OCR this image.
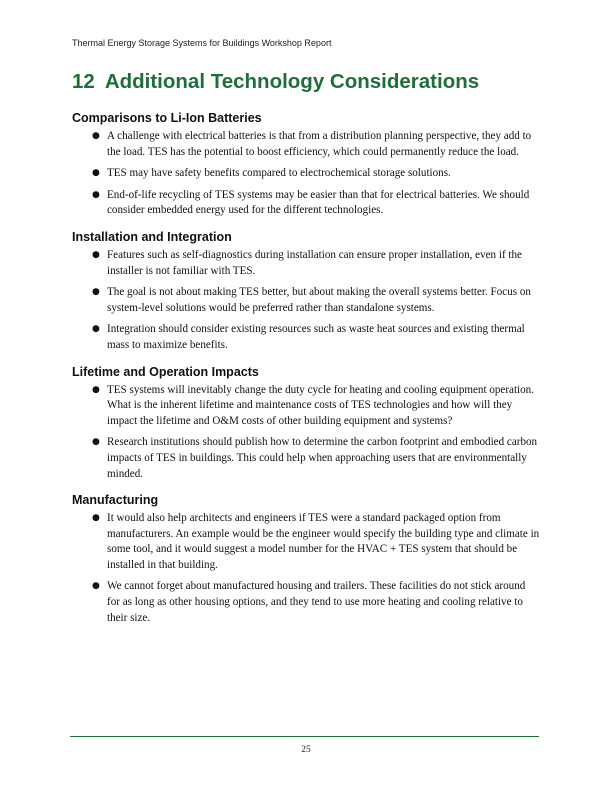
Thermal Energy Storage Systems for Buildings Workshop Report
12 Additional Technology Considerations
Comparisons to Li-Ion Batteries
● A challenge with electrical batteries is that from a distribution planning perspective, they add to the load. TES has the potential to boost efficiency, which could permanently reduce the load.
● TES may have safety benefits compared to electrochemical storage solutions.
● End-of-life recycling of TES systems may be easier than that for electrical batteries. We should consider embedded energy used for the different technologies.
Installation and Integration
● Features such as self-diagnostics during installation can ensure proper installation, even if the installer is not familiar with TES.
● The goal is not about making TES better, but about making the overall systems better. Focus on system-level solutions would be preferred rather than standalone systems.
● Integration should consider existing resources such as waste heat sources and existing thermal mass to maximize benefits.
Lifetime and Operation Impacts
● TES systems will inevitably change the duty cycle for heating and cooling equipment operation. What is the inherent lifetime and maintenance costs of TES technologies and how will they impact the lifetime and O&M costs of other building equipment and systems?
● Research institutions should publish how to determine the carbon footprint and embodied carbon impacts of TES in buildings. This could help when approaching users that are environmentally minded.
Manufacturing
● It would also help architects and engineers if TES were a standard packaged option from manufacturers. An example would be the engineer would specify the building type and climate in some tool, and it would suggest a model number for the HVAC + TES system that should be installed in that building.
● We cannot forget about manufactured housing and trailers. These facilities do not stick around for as long as other housing options, and they tend to use more heating and cooling relative to their size.
25
